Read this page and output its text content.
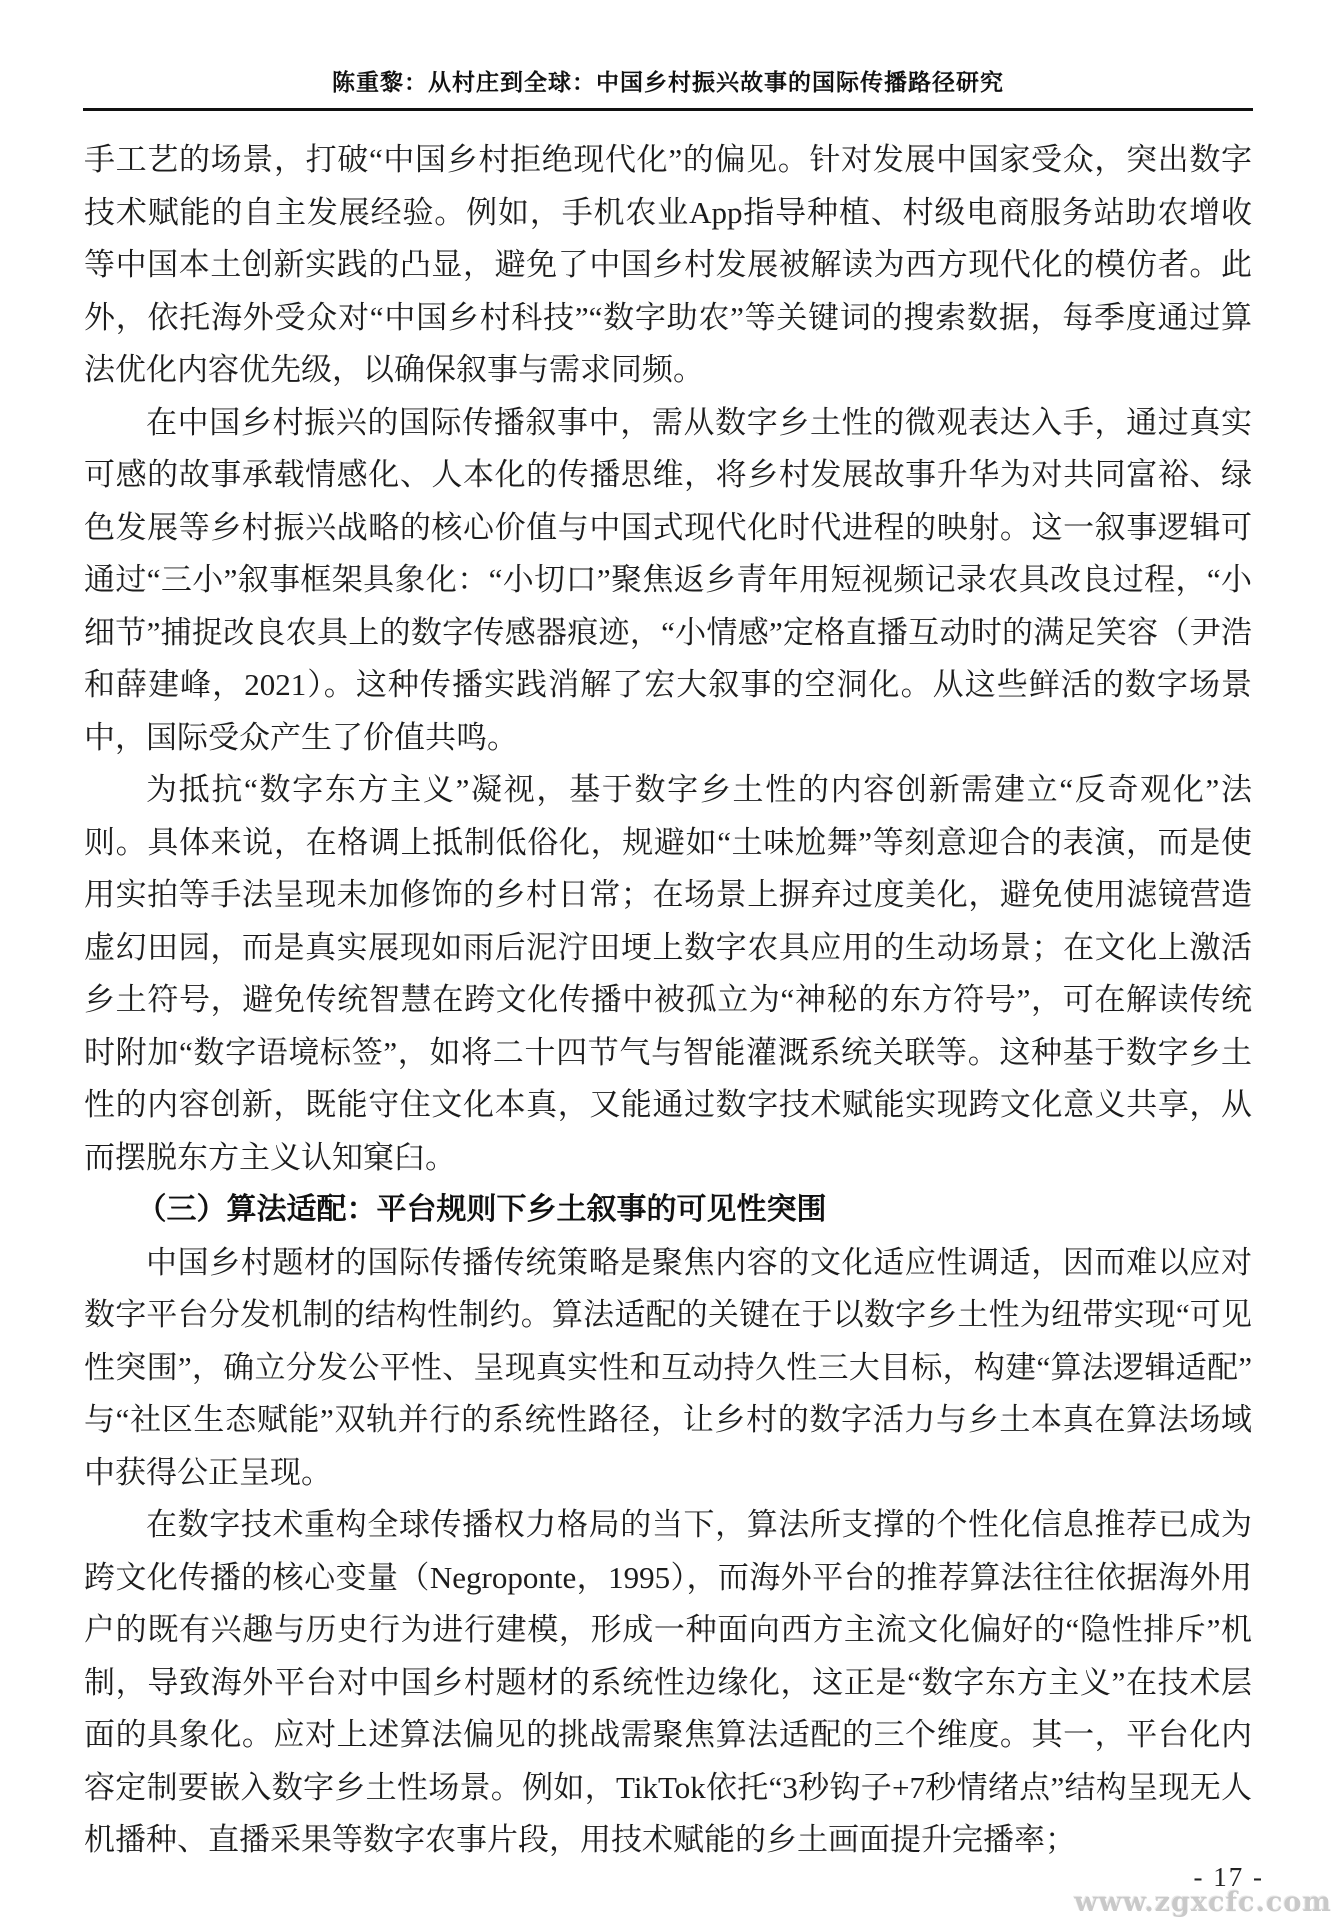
陈重黎：从村庄到全球：中国乡村振兴故事的国际传播路径研究

手工艺的场景，打破“中国乡村拒绝现代化”的偏见。针对发展中国家受众，突出数字技术赋能的自主发展经验。例如，手机农业App指导种植、村级电商服务站助农增收等中国本土创新实践的凸显，避免了中国乡村发展被解读为西方现代化的模仿者。此外，依托海外受众对“中国乡村科技”“数字助农”等关键词的搜索数据，每季度通过算法优化内容优先级，以确保叙事与需求同频。

在中国乡村振兴的国际传播叙事中，需从数字乡土性的微观表达入手，通过真实可感的故事承载情感化、人本化的传播思维，将乡村发展故事升华为对共同富裕、绿色发展等乡村振兴战略的核心价值与中国式现代化时代进程的映射。这一叙事逻辑可通过“三小”叙事框架具象化：“小切口”聚焦返乡青年用短视频记录农具改良过程，“小细节”捕捉改良农具上的数字传感器痕迹，“小情感”定格直播互动时的满足笑容（尹浩和薛建峰，2021）。这种传播实践消解了宏大叙事的空洞化。从这些鲜活的数字场景中，国际受众产生了价值共鸣。

为抵抗“数字东方主义”凝视，基于数字乡土性的内容创新需建立“反奇观化”法则。具体来说，在格调上抵制低俗化，规避如“土味尬舞”等刻意迎合的表演，而是使用实拍等手法呈现未加修饰的乡村日常；在场景上摒弃过度美化，避免使用滤镜营造虚幻田园，而是真实展现如雨后泥泞田埂上数字农具应用的生动场景；在文化上激活乡土符号，避免传统智慧在跨文化传播中被孤立为“神秘的东方符号”，可在解读传统时附加“数字语境标签”，如将二十四节气与智能灌溉系统关联等。这种基于数字乡土性的内容创新，既能守住文化本真，又能通过数字技术赋能实现跨文化意义共享，从而摆脱东方主义认知窠臼。

（三）算法适配：平台规则下乡土叙事的可见性突围

中国乡村题材的国际传播传统策略是聚焦内容的文化适应性调适，因而难以应对数字平台分发机制的结构性制约。算法适配的关键在于以数字乡土性为纽带实现“可见性突围”，确立分发公平性、呈现真实性和互动持久性三大目标，构建“算法逻辑适配”与“社区生态赋能”双轨并行的系统性路径，让乡村的数字活力与乡土本真在算法场域中获得公正呈现。

在数字技术重构全球传播权力格局的当下，算法所支撑的个性化信息推荐已成为跨文化传播的核心变量（Negroponte，1995），而海外平台的推荐算法往往依据海外用户的既有兴趣与历史行为进行建模，形成一种面向西方主流文化偏好的“隐性排斥”机制，导致海外平台对中国乡村题材的系统性边缘化，这正是“数字东方主义”在技术层面的具象化。应对上述算法偏见的挑战需聚焦算法适配的三个维度。其一，平台化内容定制要嵌入数字乡土性场景。例如，TikTok依托“3秒钩子+7秒情绪点”结构呈现无人机播种、直播采果等数字农事片段，用技术赋能的乡土画面提升完播率；

- 17 -
www.zgxcfc.com
